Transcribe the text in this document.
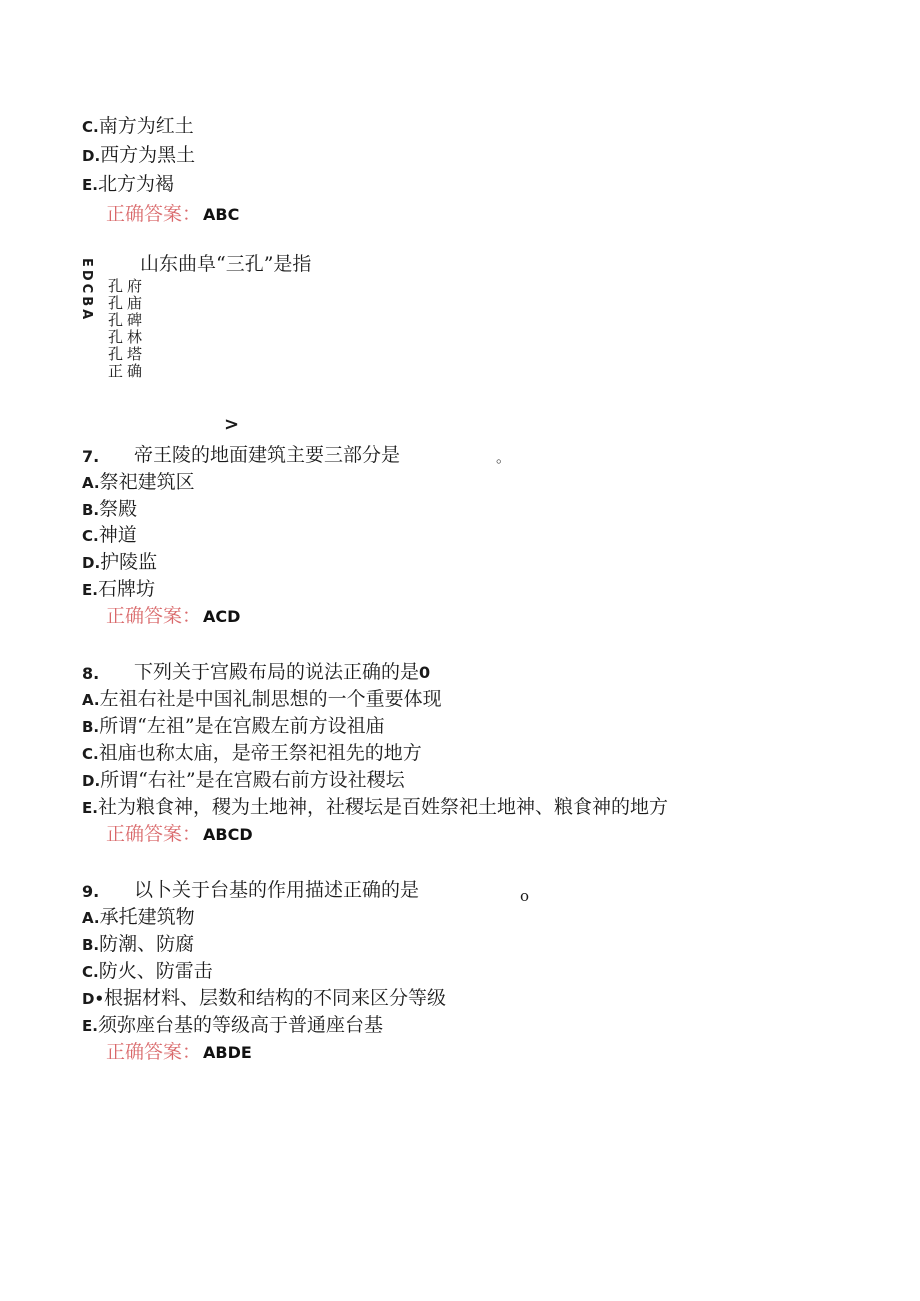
C.南方为红土
D.西方为黑土
E.北方为褐
正确答案： ABC
EDCBA 山东曲阜“三孔”是指
孔府
孔庙
孔碑
孔林
孔塔
正确
>
7. 帝王陵的地面建筑主要三部分是	。
A.祭祀建筑区
B.祭殿
C.神道
D.护陵监
E.石牌坊
正确答案： ACD
8. 下列关于宫殿布局的说法正确的是0
A.左祖右社是中国礼制思想的一个重要体现
B.所谓“左祖”是在宫殿左前方设祖庙
C.祖庙也称太庙，是帝王祭祀祖先的地方
D.所谓“右社”是在宫殿右前方设社稷坛
E.社为粮食神，稷为土地神，社稷坛是百姓祭祀土地神、粮食神的地方
正确答案： ABCD
9. 以卜关于台基的作用描述正确的是	o
A.承托建筑物
B.防潮、防腐
C.防火、防雷击
D•根据材料、层数和结构的不同来区分等级
E.须弥座台基的等级高于普通座台基
正确答案： ABDE
